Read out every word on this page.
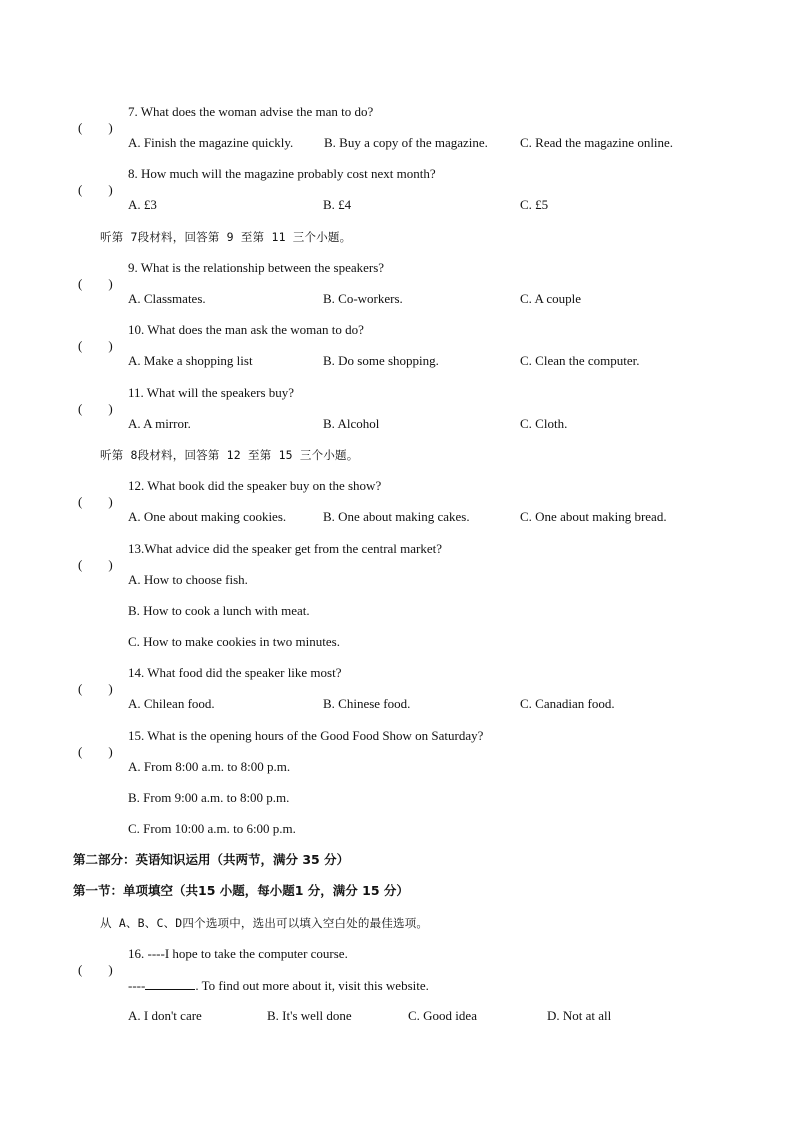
(        )

7. What does the woman advise the man to do?

A. Finish the magazine quickly. B. Buy a copy of the magazine. C. Read the magazine online.

(        )

8. How much will the magazine probably cost next month?

A. £3	B. £4	C. £5
听第 7段材料，回答第 9 至第 11 三个小题。

(        )

9. What is the relationship between the speakers?

A. Classmates.	B. Co-workers.	C. A couple

(        )

10. What does the man ask the woman to do?

A. Make a shopping list	B. Do some shopping.	C. Clean the computer.

(        )

11. What will the speakers buy?

A. A mirror.	B. Alcohol	C. Cloth.
听第 8段材料，回答第 12 至第 15 三个小题。

(        )

12. What book did the speaker buy on the show?

A. One about making cookies.	B. One about making cakes.	C. One about making bread.

(        )

13.What advice did the speaker get from the central market?

A. How to choose fish.
B. How to cook a lunch with meat.
C. How to make cookies in two minutes.

(        )

14. What food did the speaker like most?

A. Chilean food.	B. Chinese food.	C. Canadian food.

(        )

15. What is the opening hours of the Good Food Show on Saturday?

A. From 8:00 a.m. to 8:00 p.m.
B. From 9:00 a.m. to 8:00 p.m.
C. From 10:00 a.m. to 6:00 p.m.
第二部分：英语知识运用（共两节，满分 35 分）
第一节：单项填空（共15 小题，每小题1 分，满分 15 分）
从 A、B、C、D四个选项中，选出可以填入空白处的最佳选项。

(        )

16. ----I hope to take the computer course.

----	. To find out more about it, visit this website.
A. I don't care	B. It's well done	C. Good idea	D. Not at all
